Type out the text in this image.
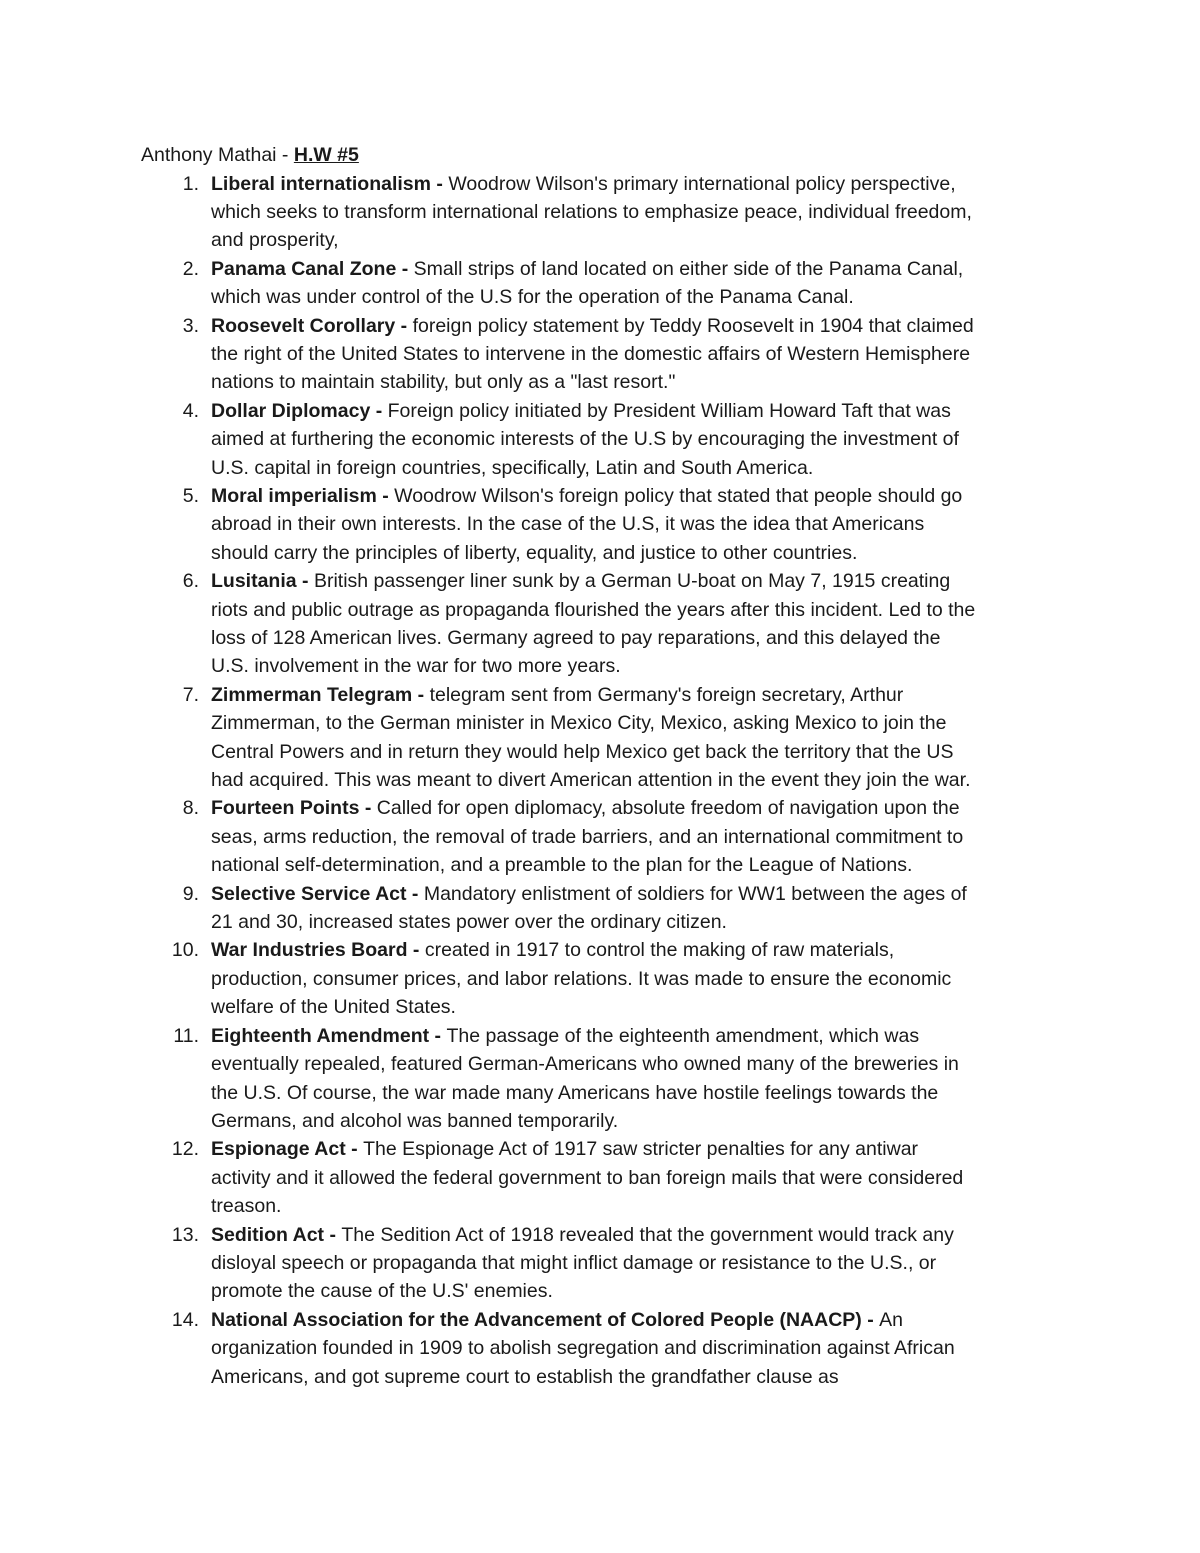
Anthony Mathai - H.W #5
1. Liberal internationalism - Woodrow Wilson's primary international policy perspective,
which seeks to transform international relations to emphasize peace, individual freedom,
and prosperity,
2. Panama Canal Zone - Small strips of land located on either side of the Panama Canal,
which was under control of the U.S for the operation of the Panama Canal.
3. Roosevelt Corollary - foreign policy statement by Teddy Roosevelt in 1904 that claimed
the right of the United States to intervene in the domestic affairs of Western Hemisphere
nations to maintain stability, but only as a "last resort."
4. Dollar Diplomacy - Foreign policy initiated by President William Howard Taft that was
aimed at furthering the economic interests of the U.S by encouraging the investment of
U.S. capital in foreign countries, specifically, Latin and South America.
5. Moral imperialism - Woodrow Wilson's foreign policy that stated that people should go
abroad in their own interests. In the case of the U.S, it was the idea that Americans
should carry the principles of liberty, equality, and justice to other countries.
6. Lusitania - British passenger liner sunk by a German U-boat on May 7, 1915 creating
riots and public outrage as propaganda flourished the years after this incident. Led to the
loss of 128 American lives. Germany agreed to pay reparations, and this delayed the
U.S. involvement in the war for two more years.
7. Zimmerman Telegram - telegram sent from Germany's foreign secretary, Arthur
Zimmerman, to the German minister in Mexico City, Mexico, asking Mexico to join the
Central Powers and in return they would help Mexico get back the territory that the US
had acquired. This was meant to divert American attention in the event they join the war.
8. Fourteen Points - Called for open diplomacy, absolute freedom of navigation upon the
seas, arms reduction, the removal of trade barriers, and an international commitment to
national self-determination, and a preamble to the plan for the League of Nations.
9. Selective Service Act - Mandatory enlistment of soldiers for WW1 between the ages of
21 and 30, increased states power over the ordinary citizen.
10. War Industries Board - created in 1917 to control the making of raw materials,
production, consumer prices, and labor relations. It was made to ensure the economic
welfare of the United States.
11. Eighteenth Amendment - The passage of the eighteenth amendment, which was
eventually repealed, featured German-Americans who owned many of the breweries in
the U.S. Of course, the war made many Americans have hostile feelings towards the
Germans, and alcohol was banned temporarily.
12. Espionage Act - The Espionage Act of 1917 saw stricter penalties for any antiwar
activity and it allowed the federal government to ban foreign mails that were considered
treason.
13. Sedition Act - The Sedition Act of 1918 revealed that the government would track any
disloyal speech or propaganda that might inflict damage or resistance to the U.S., or
promote the cause of the U.S' enemies.
14. National Association for the Advancement of Colored People (NAACP) - An
organization founded in 1909 to abolish segregation and discrimination against African
Americans, and got supreme court to establish the grandfather clause as
